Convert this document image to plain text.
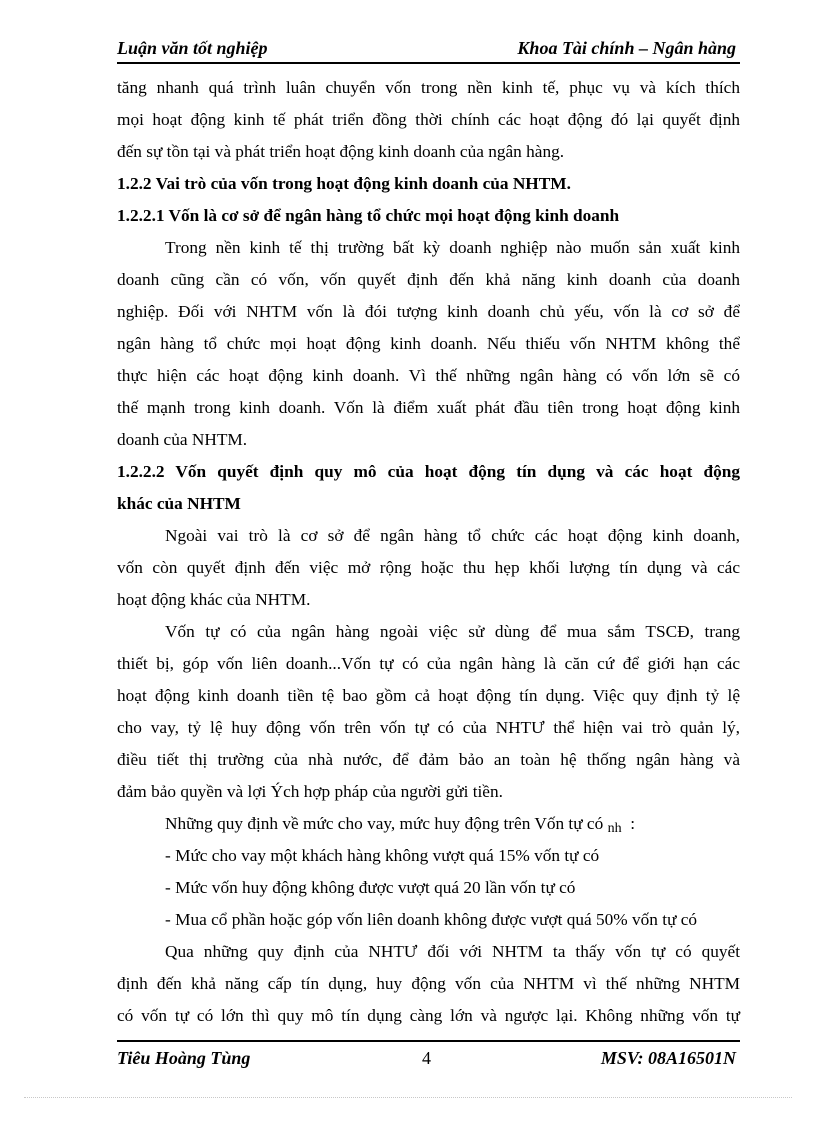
Luận văn tốt nghiệp	Khoa Tài chính – Ngân hàng
tăng nhanh quá trình luân chuyển vốn trong nền kinh tế, phục vụ và kích thích
mọi hoạt động kinh tế phát triển đồng thời chính các hoạt động đó lại quyết định
đến sự tồn tại và phát triển hoạt động kinh doanh của ngân hàng.
1.2.2 Vai trò của vốn trong hoạt động kinh doanh của NHTM.
1.2.2.1 Vốn là cơ sở để ngân hàng tổ chức mọi hoạt động kinh doanh
Trong nền kinh tế thị trường bất kỳ doanh nghiệp nào muốn sản xuất kinh
doanh cũng cần có vốn, vốn quyết định đến khả năng kinh doanh của doanh
nghiệp. Đối với NHTM vốn là đói tượng kinh doanh chủ yếu, vốn là cơ sở để
ngân hàng tổ chức mọi hoạt động kinh doanh. Nếu thiếu vốn NHTM không thể
thực hiện các hoạt động kinh doanh. Vì thế những ngân hàng có vốn lớn sẽ có
thế mạnh trong kinh doanh. Vốn là điểm xuất phát đầu tiên trong hoạt động kinh
doanh của NHTM.
1.2.2.2 Vốn quyết định quy mô của hoạt động tín dụng và các hoạt động
khác của NHTM
Ngoài vai trò là cơ sở để ngân hàng tổ chức các hoạt động kinh doanh,
vốn còn quyết định đến việc mở rộng hoặc thu hẹp khối lượng tín dụng và các
hoạt động khác của NHTM.
Vốn tự có của ngân hàng ngoài việc sử dùng để mua sắm TSCĐ, trang
thiết bị, góp vốn liên doanh...Vốn tự có của ngân hàng là căn cứ để giới hạn các
hoạt động kinh doanh tiền tệ bao gồm cả hoạt động tín dụng. Việc quy định tỷ lệ
cho vay, tỷ lệ huy động vốn trên vốn tự có của NHTƯ thể hiện vai trò quản lý,
điều tiết thị trường của nhà nước, để đảm bảo an toàn hệ thống ngân hàng và
đảm bảo quyền và lợi Ých hợp pháp của người gửi tiền.
Những quy định về mức cho vay, mức huy động trên Vốn tự có $_{nh}$ :
- Mức cho vay một khách hàng không vượt quá 15% vốn tự có
- Mức vốn huy động không được vượt quá 20 lần vốn tự có
- Mua cổ phần hoặc góp vốn liên doanh không được vượt quá 50% vốn tự có
Qua những quy định của NHTƯ đối với NHTM ta thấy vốn tự có quyết
định đến khả năng cấp tín dụng, huy động vốn của NHTM vì thế những NHTM
có vốn tự có lớn thì quy mô tín dụng càng lớn và ngược lại. Không những vốn tự
Tiêu Hoàng Tùng	4	MSV: 08A16501N
